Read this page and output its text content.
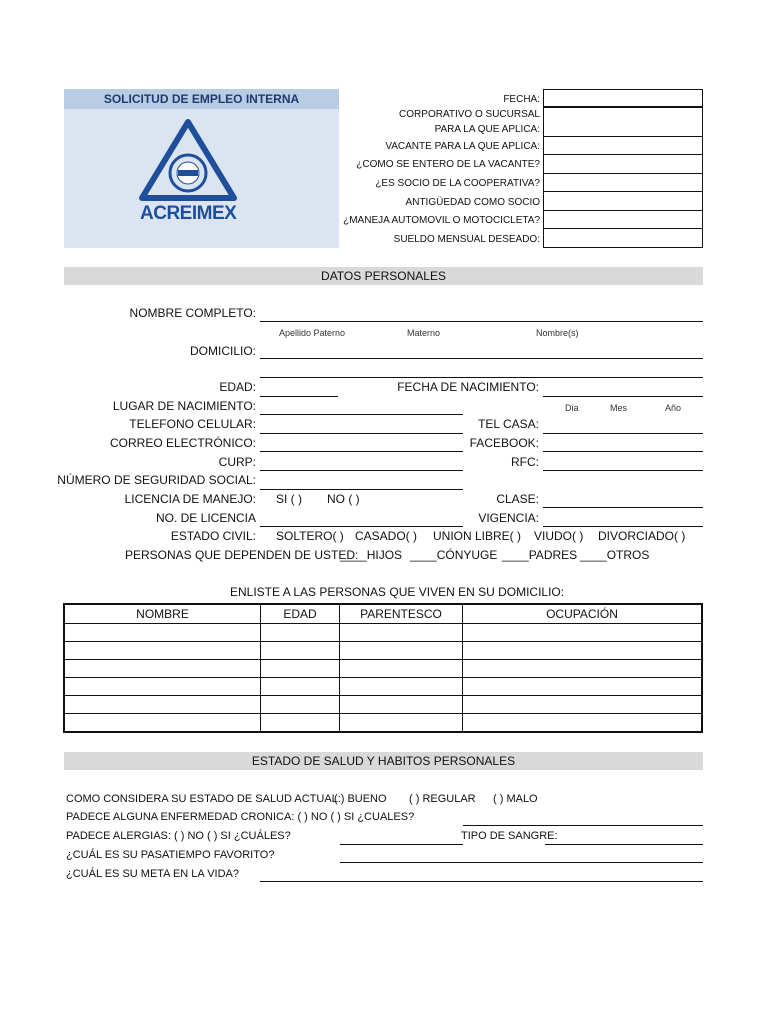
SOLICITUD DE EMPLEO INTERNA
ACREIMEX
FECHA:
CORPORATIVO O SUCURSAL
PARA LA QUE APLICA:
VACANTE PARA LA QUE APLICA:
¿COMO SE ENTERO DE LA VACANTE?
¿ES SOCIO DE LA COOPERATIVA?
ANTIGÜEDAD COMO SOCIO
¿MANEJA AUTOMOVIL O MOTOCICLETA?
SUELDO MENSUAL DESEADO:
DATOS PERSONALES
NOMBRE COMPLETO:
Apellido Paterno	Materno	Nombre(s)
DOMICILIO:
EDAD:	FECHA DE NACIMIENTO:
Dia	Mes	Año
LUGAR DE NACIMIENTO:
TELEFONO CELULAR:	TEL CASA:
CORREO ELECTRÓNICO:	FACEBOOK:
CURP:	RFC:
NÚMERO DE SEGURIDAD SOCIAL:
LICENCIA DE MANEJO: SI ( ) NO ( )	CLASE:
NO. DE LICENCIA	VIGENCIA:
ESTADO CIVIL: SOLTERO( ) CASADO( ) UNION LIBRE( ) VIUDO( ) DIVORCIADO( )
PERSONAS QUE DEPENDEN DE USTED:
____HIJOS ____CÓNYUGE ____PADRES ____OTROS
ENLISTE A LAS PERSONAS QUE VIVEN EN SU DOMICILIO:
NOMBRE	EDAD	PARENTESCO	OCUPACIÓN

ESTADO DE SALUD Y HABITOS PERSONALES
COMO CONSIDERA SU ESTADO DE SALUD ACTUAL:
( ) BUENO ( ) REGULAR ( ) MALO
PADECE ALGUNA ENFERMEDAD CRONICA: ( ) NO ( ) SI ¿CUALES?
PADECE ALERGIAS: ( ) NO ( ) SI ¿CUÁLES?	TIPO DE SANGRE:
¿CUÁL ES SU PASATIEMPO FAVORITO?
¿CUÁL ES SU META EN LA VIDA?
